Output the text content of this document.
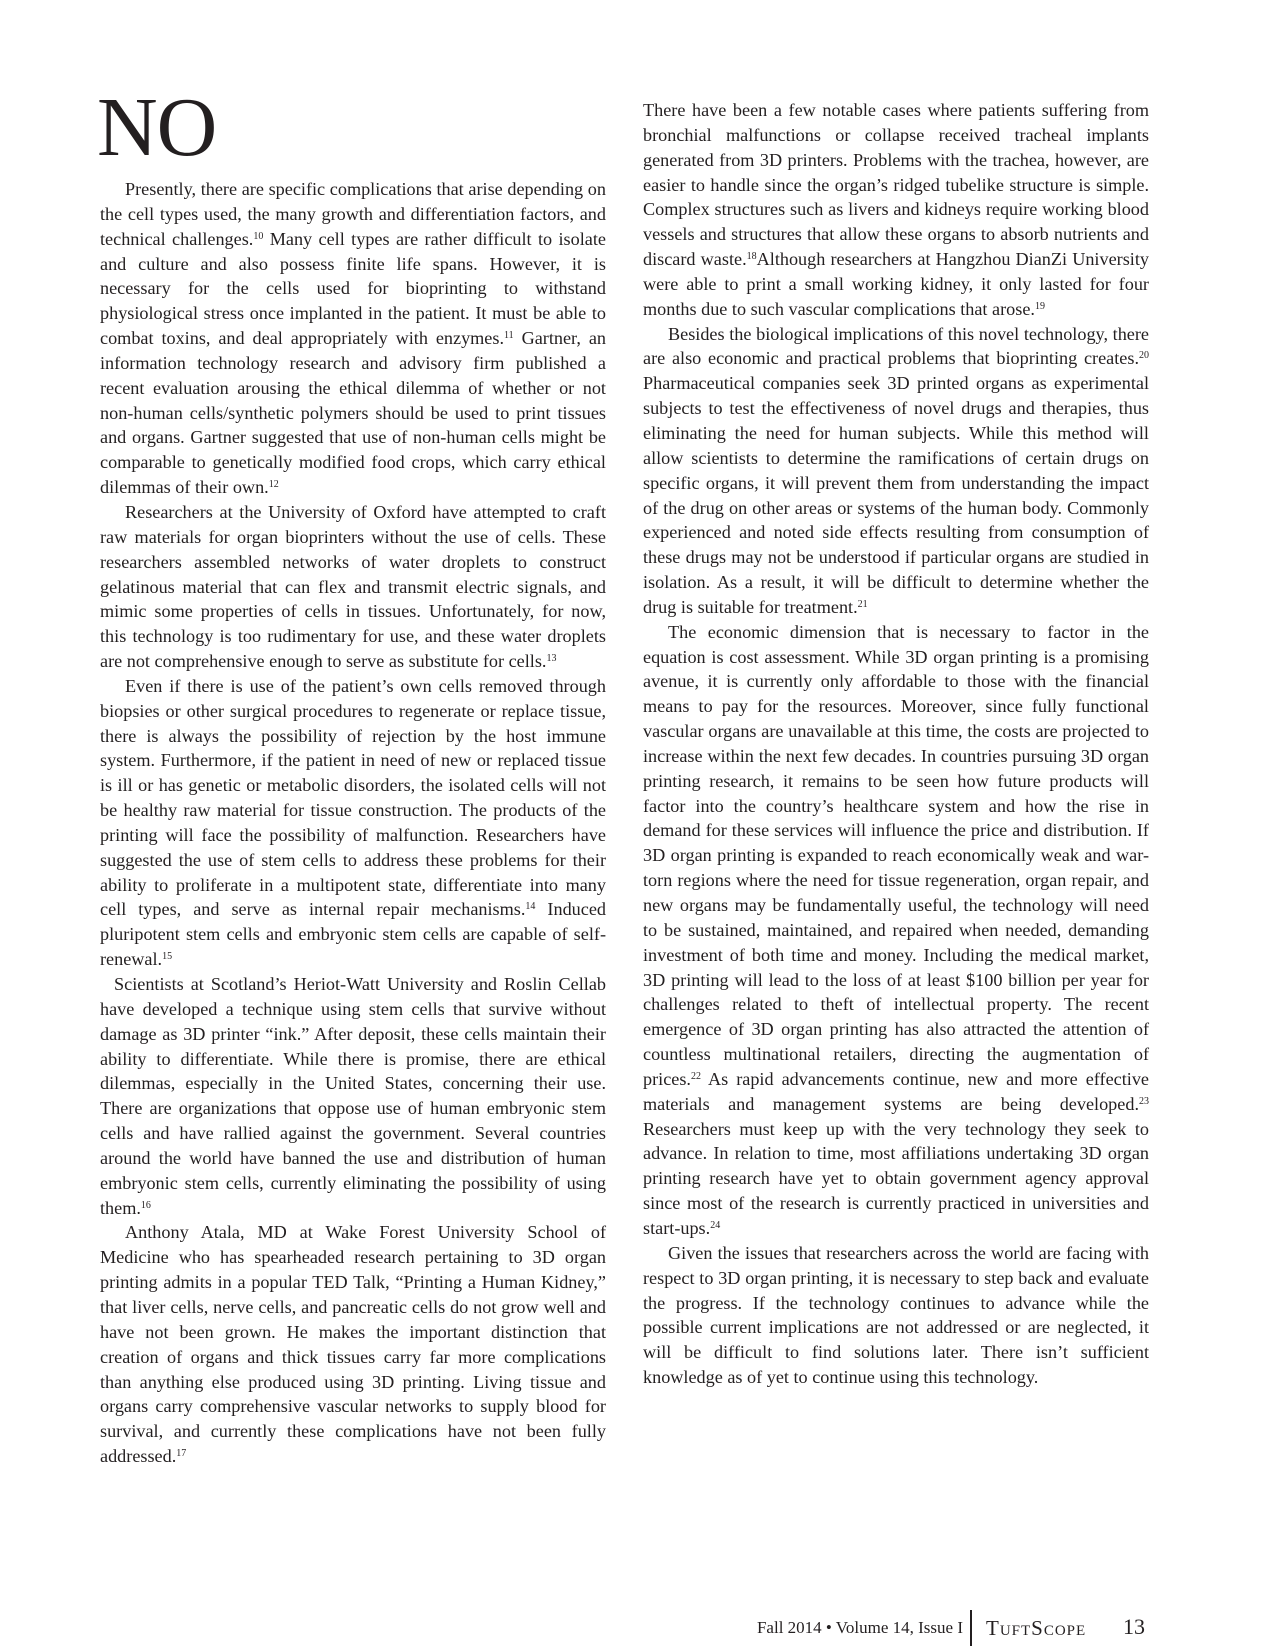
NO

Presently, there are specific complications that arise depending on the cell types used, the many growth and differentiation factors, and technical challenges.$^{10}$ Many cell types are rather difficult to isolate and culture and also possess finite life spans. However, it is necessary for the cells used for bioprinting to withstand physiological stress once implanted in the patient. It must be able to combat toxins, and deal appropriately with enzymes.$^{11}$ Gartner, an information technology research and advisory firm published a recent evaluation arousing the ethical dilemma of whether or not non-human cells/synthetic polymers should be used to print tissues and organs. Gartner suggested that use of non-human cells might be comparable to genetically modified food crops, which carry ethical dilemmas of their own.$^{12}$

Researchers at the University of Oxford have attempted to craft raw materials for organ bioprinters without the use of cells. These researchers assembled networks of water droplets to construct gelatinous material that can flex and transmit electric signals, and mimic some properties of cells in tissues. Unfortunately, for now, this technology is too rudimentary for use, and these water droplets are not comprehensive enough to serve as substitute for cells.$^{13}$

Even if there is use of the patient’s own cells removed through biopsies or other surgical procedures to regenerate or replace tissue, there is always the possibility of rejection by the host immune system. Furthermore, if the patient in need of new or replaced tissue is ill or has genetic or metabolic disorders, the isolated cells will not be healthy raw material for tissue construction. The products of the printing will face the possibility of malfunction. Researchers have suggested the use of stem cells to address these problems for their ability to proliferate in a multipotent state, differentiate into many cell types, and serve as internal repair mechanisms.$^{14}$ Induced pluripotent stem cells and embryonic stem cells are capable of self-renewal.$^{15}$

Scientists at Scotland’s Heriot-Watt University and Roslin Cellab have developed a technique using stem cells that survive without damage as 3D printer “ink.” After deposit, these cells maintain their ability to differentiate. While there is promise, there are ethical dilemmas, especially in the United States, concerning their use. There are organizations that oppose use of human embryonic stem cells and have rallied against the government. Several countries around the world have banned the use and distribution of human embryonic stem cells, currently eliminating the possibility of using them.$^{16}$

Anthony Atala, MD at Wake Forest University School of Medicine who has spearheaded research pertaining to 3D organ printing admits in a popular TED Talk, “Printing a Human Kidney,” that liver cells, nerve cells, and pancreatic cells do not grow well and have not been grown. He makes the important distinction that creation of organs and thick tissues carry far more complications than anything else produced using 3D printing. Living tissue and organs carry comprehensive vascular networks to supply blood for survival, and currently these complications have not been fully addressed.$^{17}$

There have been a few notable cases where patients suffering from bronchial malfunctions or collapse received tracheal implants generated from 3D printers. Problems with the trachea, however, are easier to handle since the organ’s ridged tubelike structure is simple. Complex structures such as livers and kidneys require working blood vessels and structures that allow these organs to absorb nutrients and discard waste.$^{18}$Although researchers at Hangzhou DianZi University were able to print a small working kidney, it only lasted for four months due to such vascular complications that arose.$^{19}$

Besides the biological implications of this novel technology, there are also economic and practical problems that bioprinting creates.$^{20}$ Pharmaceutical companies seek 3D printed organs as experimental subjects to test the effectiveness of novel drugs and therapies, thus eliminating the need for human subjects. While this method will allow scientists to determine the ramifications of certain drugs on specific organs, it will prevent them from understanding the impact of the drug on other areas or systems of the human body. Commonly experienced and noted side effects resulting from consumption of these drugs may not be understood if particular organs are studied in isolation. As a result, it will be difficult to determine whether the drug is suitable for treatment.$^{21}$

The economic dimension that is necessary to factor in the equation is cost assessment. While 3D organ printing is a promising avenue, it is currently only affordable to those with the financial means to pay for the resources. Moreover, since fully functional vascular organs are unavailable at this time, the costs are projected to increase within the next few decades. In countries pursuing 3D organ printing research, it remains to be seen how future products will factor into the country’s healthcare system and how the rise in demand for these services will influence the price and distribution. If 3D organ printing is expanded to reach economically weak and war-torn regions where the need for tissue regeneration, organ repair, and new organs may be fundamentally useful, the technology will need to be sustained, maintained, and repaired when needed, demanding investment of both time and money. Including the medical market, 3D printing will lead to the loss of at least $100 billion per year for challenges related to theft of intellectual property. The recent emergence of 3D organ printing has also attracted the attention of countless multinational retailers, directing the augmentation of prices.$^{22}$ As rapid advancements continue, new and more effective materials and management systems are being developed.$^{23}$ Researchers must keep up with the very technology they seek to advance. In relation to time, most affiliations undertaking 3D organ printing research have yet to obtain government agency approval since most of the research is currently practiced in universities and start-ups.$^{24}$

Given the issues that researchers across the world are facing with respect to 3D organ printing, it is necessary to step back and evaluate the progress. If the technology continues to advance while the possible current implications are not addressed or are neglected, it will be difficult to find solutions later. There isn’t sufficient knowledge as of yet to continue using this technology.

Fall 2014 • Volume 14, Issue I TuftScope 13
